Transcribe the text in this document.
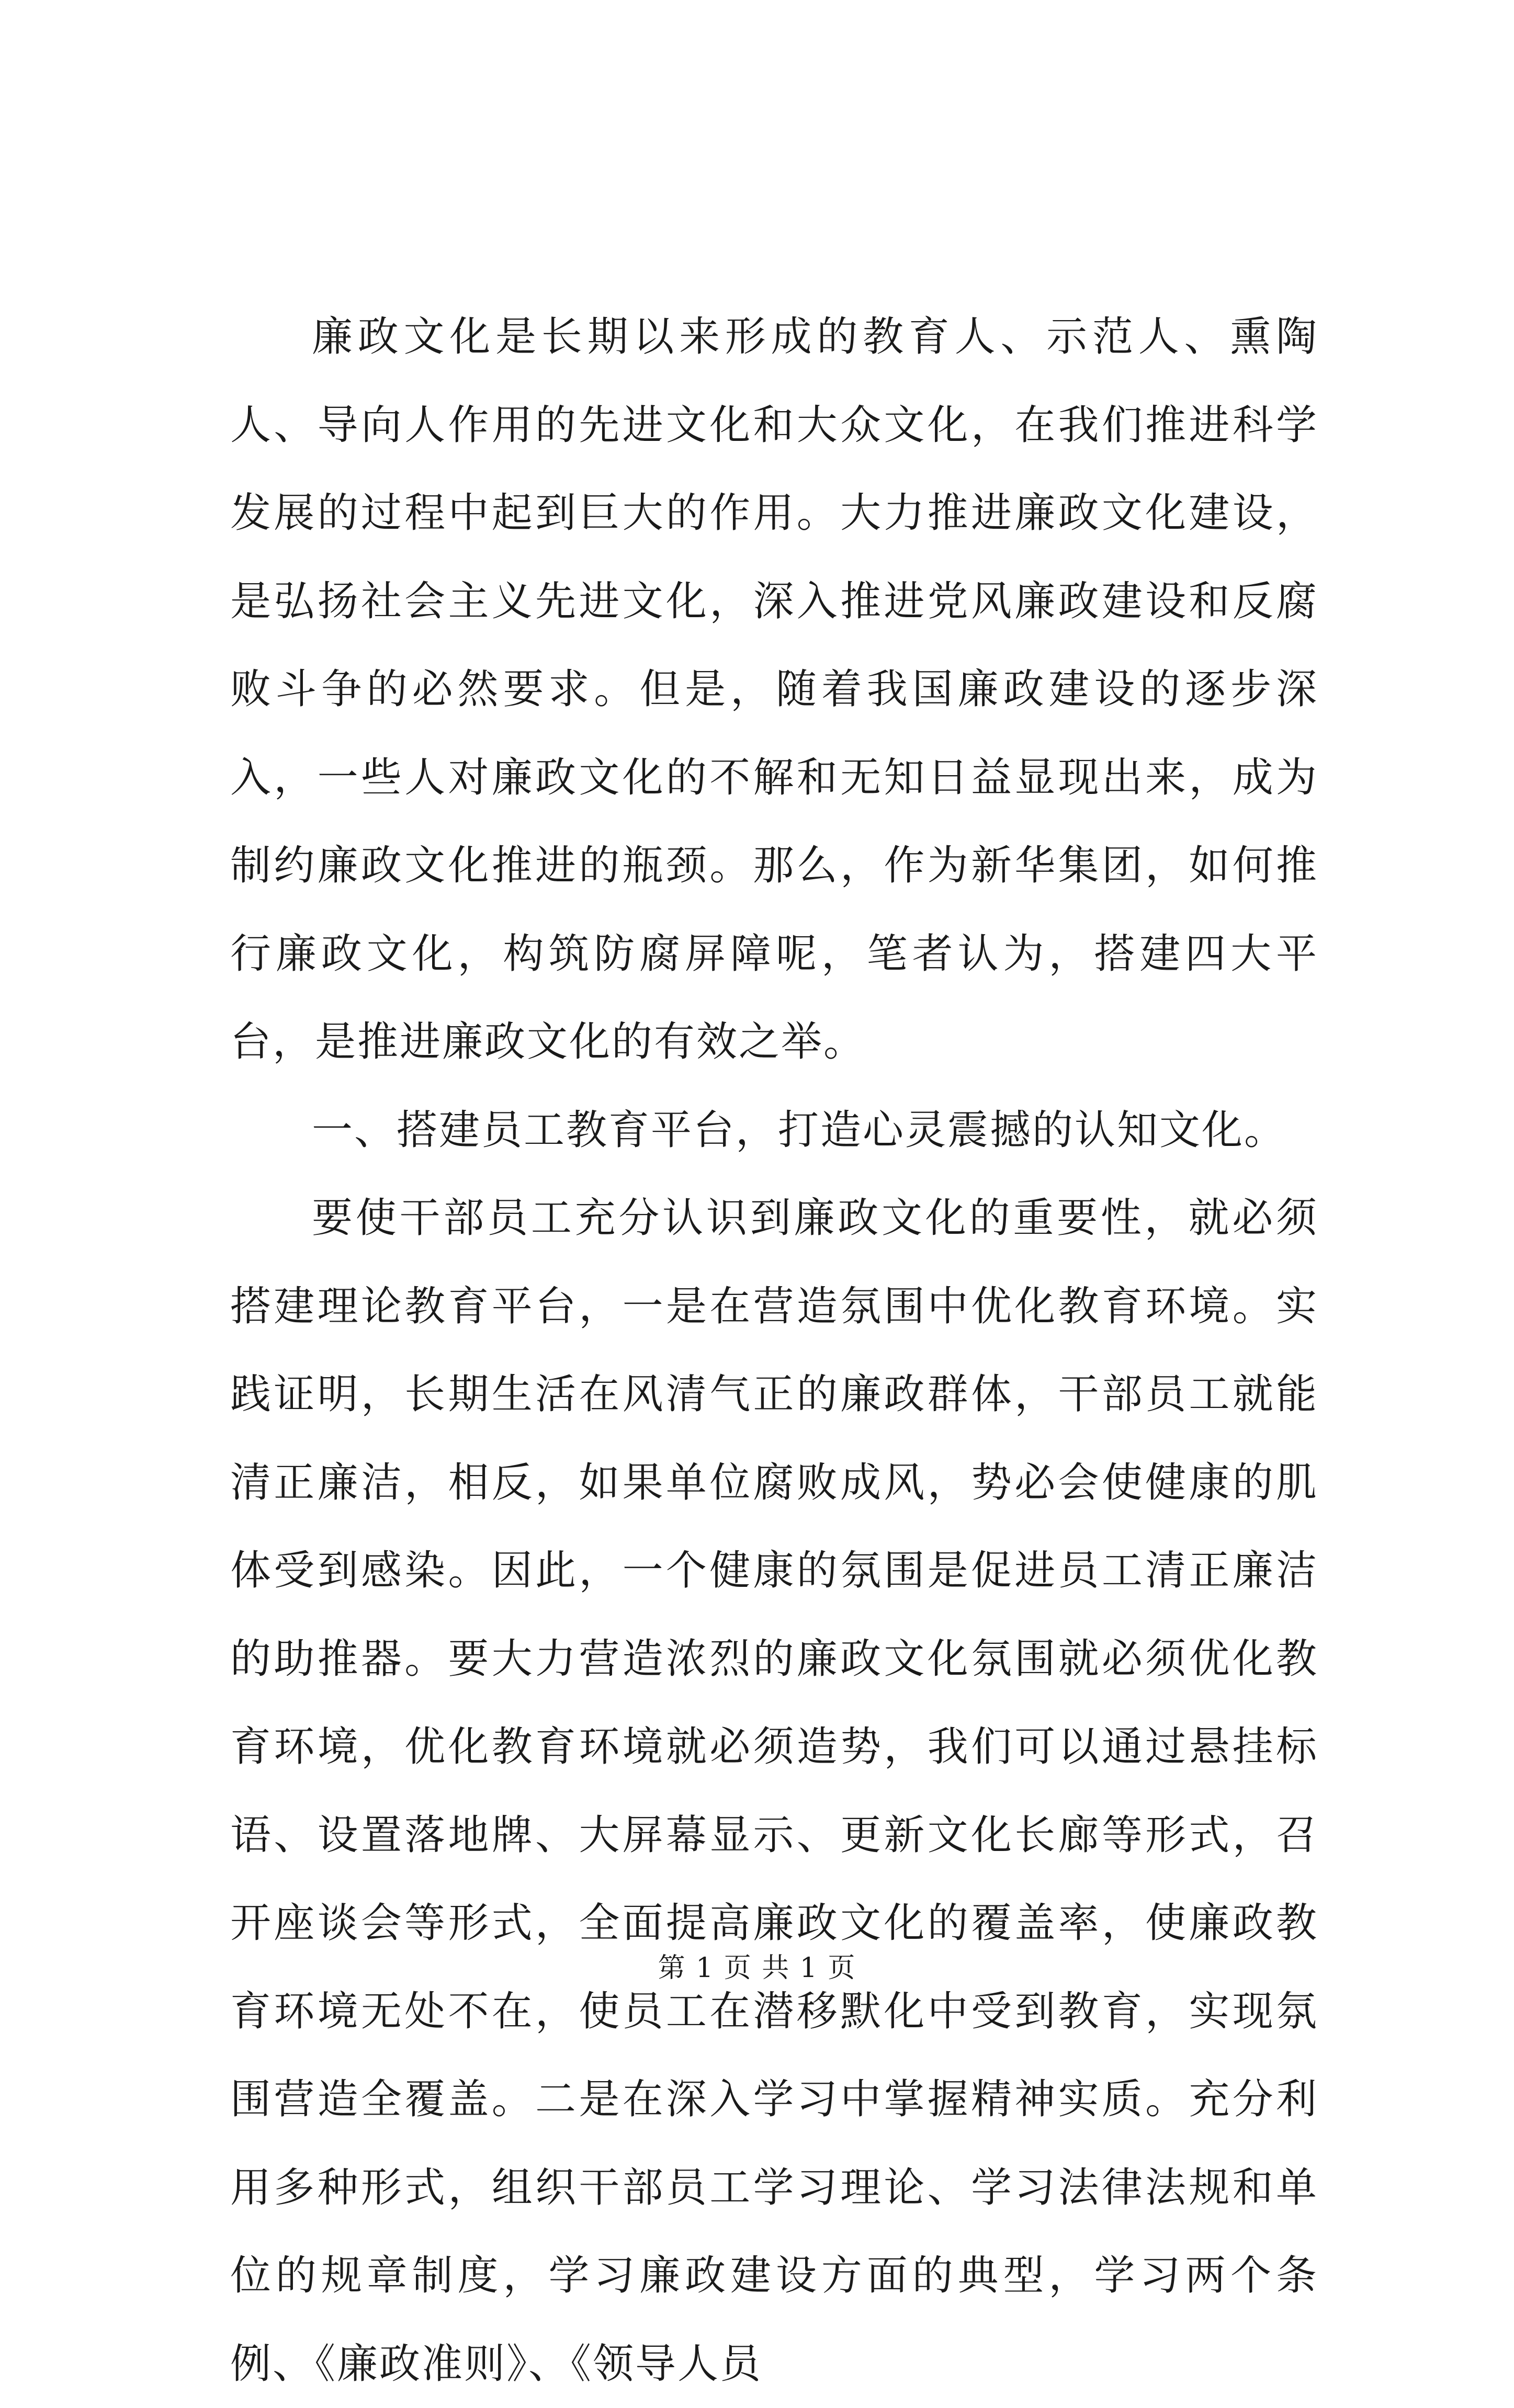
廉政文化是长期以来形成的教育人、示范人、熏陶人、导向人作用的先进文化和大众文化，在我们推进科学发展的过程中起到巨大的作用。大力推进廉政文化建设，是弘扬社会主义先进文化，深入推进党风廉政建设和反腐败斗争的必然要求。但是，随着我国廉政建设的逐步深入，一些人对廉政文化的不解和无知日益显现出来，成为制约廉政文化推进的瓶颈。那么，作为新华集团，如何推行廉政文化，构筑防腐屏障呢，笔者认为，搭建四大平台，是推进廉政文化的有效之举。

一、搭建员工教育平台，打造心灵震撼的认知文化。

要使干部员工充分认识到廉政文化的重要性，就必须搭建理论教育平台，一是在营造氛围中优化教育环境。实践证明，长期生活在风清气正的廉政群体，干部员工就能清正廉洁，相反，如果单位腐败成风，势必会使健康的肌体受到感染。因此，一个健康的氛围是促进员工清正廉洁的助推器。要大力营造浓烈的廉政文化氛围就必须优化教育环境，优化教育环境就必须造势，我们可以通过悬挂标语、设置落地牌、大屏幕显示、更新文化长廊等形式，召开座谈会等形式，全面提高廉政文化的覆盖率，使廉政教育环境无处不在，使员工在潜移默化中受到教育，实现氛围营造全覆盖。二是在深入学习中掌握精神实质。充分利用多种形式，组织干部员工学习理论、学习法律法规和单位的规章制度，学习廉政建设方面的典型，学习两个条例、《廉政准则》、《领导人员

第 1 页 共 1 页
